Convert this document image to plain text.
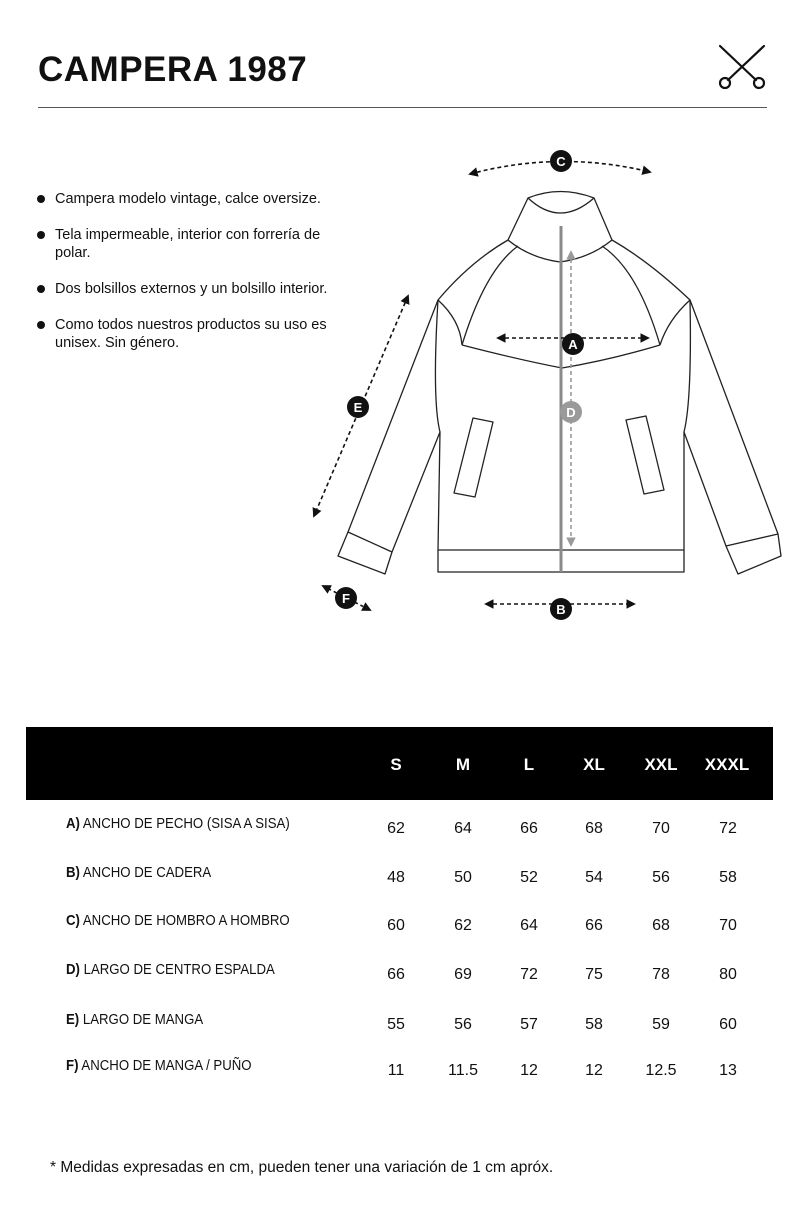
CAMPERA 1987
Campera modelo vintage, calce oversize.
Tela impermeable, interior con forrería de polar.
Dos bolsillos externos y un bolsillo interior.
Como todos nuestros productos su uso es unisex. Sin género.
C
A
D
B
E
F
S	M	L	XL	XXL	XXXL
A) ANCHO DE PECHO (SISA A SISA)	62	64	66	68	70	72
B) ANCHO DE CADERA	48	50	52	54	56	58
C) ANCHO DE HOMBRO A HOMBRO	60	62	64	66	68	70
D) LARGO DE CENTRO ESPALDA	66	69	72	75	78	80
E) LARGO DE MANGA	55	56	57	58	59	60
F) ANCHO DE MANGA / PUÑO	11	11.5	12	12	12.5	13
* Medidas expresadas en cm, pueden tener una variación de 1 cm apróx.
